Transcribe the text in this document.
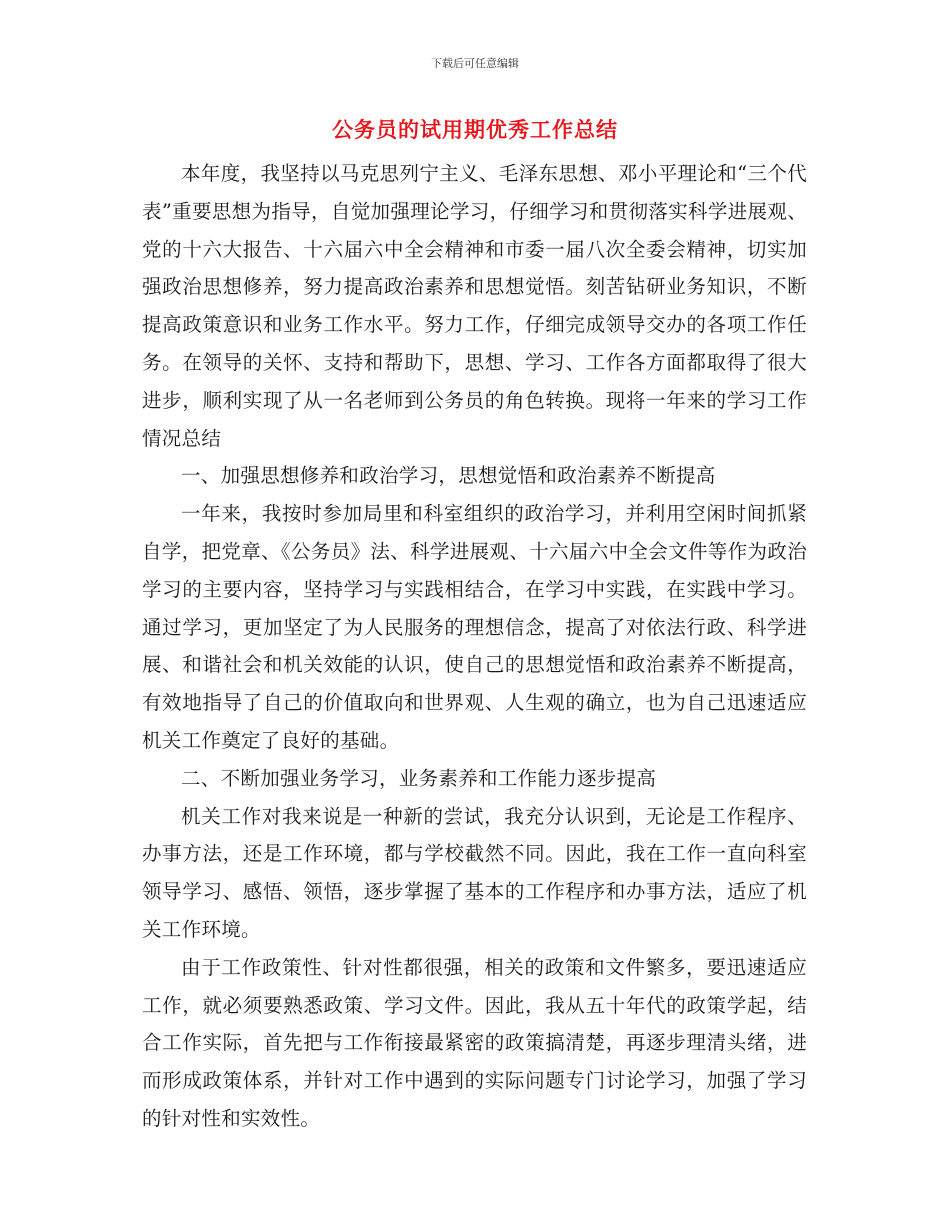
下载后可任意编辑
公务员的试用期优秀工作总结

本年度，我坚持以马克思列宁主义、毛泽东思想、邓小平理论和“三个代表”重要思想为指导，自觉加强理论学习，仔细学习和贯彻落实科学进展观、党的十六大报告、十六届六中全会精神和市委一届八次全委会精神，切实加强政治思想修养，努力提高政治素养和思想觉悟。刻苦钻研业务知识，不断提高政策意识和业务工作水平。努力工作，仔细完成领导交办的各项工作任务。在领导的关怀、支持和帮助下，思想、学习、工作各方面都取得了很大进步，顺利实现了从一名老师到公务员的角色转换。现将一年来的学习工作情况总结

一、加强思想修养和政治学习，思想觉悟和政治素养不断提高

一年来，我按时参加局里和科室组织的政治学习，并利用空闲时间抓紧自学，把党章、《公务员》法、科学进展观、十六届六中全会文件等作为政治学习的主要内容，坚持学习与实践相结合，在学习中实践，在实践中学习。通过学习，更加坚定了为人民服务的理想信念，提高了对依法行政、科学进展、和谐社会和机关效能的认识，使自己的思想觉悟和政治素养不断提高，有效地指导了自己的价值取向和世界观、人生观的确立，也为自己迅速适应机关工作奠定了良好的基础。

二、不断加强业务学习，业务素养和工作能力逐步提高

机关工作对我来说是一种新的尝试，我充分认识到，无论是工作程序、办事方法，还是工作环境，都与学校截然不同。因此，我在工作一直向科室领导学习、感悟、领悟，逐步掌握了基本的工作程序和办事方法，适应了机关工作环境。

由于工作政策性、针对性都很强，相关的政策和文件繁多，要迅速适应工作，就必须要熟悉政策、学习文件。因此，我从五十年代的政策学起，结合工作实际，首先把与工作衔接最紧密的政策搞清楚，再逐步理清头绪，进而形成政策体系，并针对工作中遇到的实际问题专门讨论学习，加强了学习的针对性和实效性。
